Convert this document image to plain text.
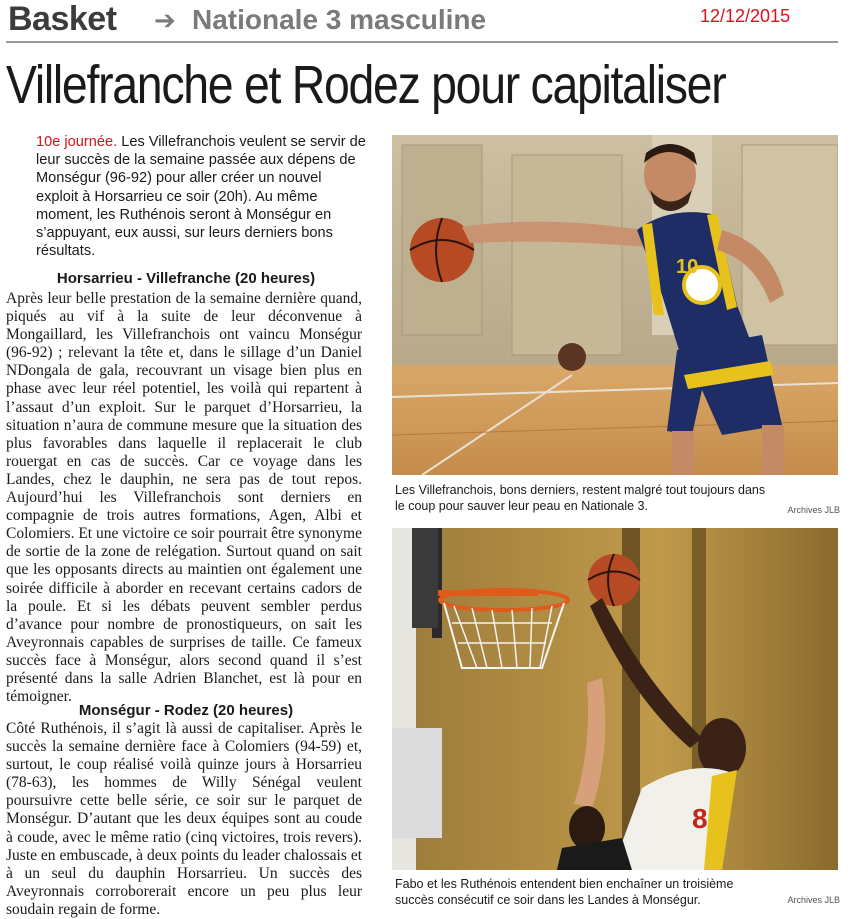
Basket ➔ Nationale 3 masculine	12/12/2015
Villefranche et Rodez pour capitaliser
10e journée. Les Villefranchois veulent se servir de leur succès de la semaine passée aux dépens de Monségur (96-92) pour aller créer un nouvel exploit à Horsarrieu ce soir (20h). Au même moment, les Ruthénois seront à Monségur en s’appuyant, eux aussi, sur leurs derniers bons résultats.
Horsarrieu - Villefranche (20 heures)
Après leur belle prestation de la semaine dernière quand, piqués au vif à la suite de leur déconvenue à Mongaillard, les Villefranchois ont vaincu Monségur (96-92) ; relevant la tête et, dans le sillage d’un Daniel NDongala de gala, recouvrant un visage bien plus en phase avec leur réel potentiel, les voilà qui repartent à l’assaut d’un exploit. Sur le parquet d’Horsarrieu, la situation n’aura de commune mesure que la situation des plus favorables dans laquelle il replacerait le club rouergat en cas de succès. Car ce voyage dans les Landes, chez le dauphin, ne sera pas de tout repos. Aujourd’hui les Villefranchois sont derniers en compagnie de trois autres formations, Agen, Albi et Colomiers. Et une victoire ce soir pourrait être synonyme de sortie de la zone de relégation. Surtout quand on sait que les opposants directs au maintien ont également une soirée difficile à aborder en recevant certains cadors de la poule. Et si les débats peuvent sembler perdus d’avance pour nombre de pronostiqueurs, on sait les Aveyronnais capables de surprises de taille. Ce fameux succès face à Monségur, alors second quand il s’est présenté dans la salle Adrien Blanchet, est là pour en témoigner.
Monségur - Rodez (20 heures)
Côté Ruthénois, il s’agit là aussi de capitaliser. Après le succès la semaine dernière face à Colomiers (94-59) et, surtout, le coup réalisé voilà quinze jours à Horsarrieu (78-63), les hommes de Willy Sénégal veulent poursuivre cette belle série, ce soir sur le parquet de Monségur. D’autant que les deux équipes sont au coude à coude, avec le même ratio (cinq victoires, trois revers). Juste en embuscade, à deux points du leader chalossais et à un seul du dauphin Horsarrieu. Un succès des Aveyronnais corroborerait encore un peu plus leur soudain regain de forme.
10
Les Villefranchois, bons derniers, restent malgré tout toujours dans le coup pour sauver leur peau en Nationale 3.	Archives JLB
8
Fabo et les Ruthénois entendent bien enchaîner un troisième succès consécutif ce soir dans les Landes à Monségur.	Archives JLB
